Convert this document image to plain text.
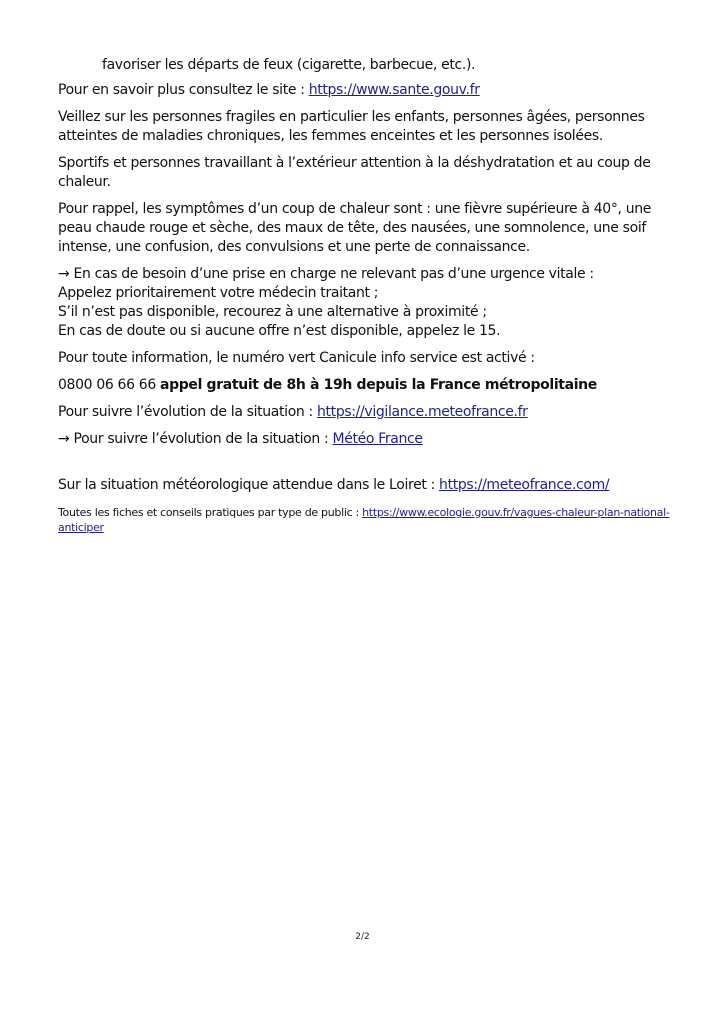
favoriser les départs de feux (cigarette, barbecue, etc.).

Pour en savoir plus consultez le site : https://www.sante.gouv.fr

Veillez sur les personnes fragiles en particulier les enfants, personnes âgées, personnes atteintes de maladies chroniques, les femmes enceintes et les personnes isolées.

Sportifs et personnes travaillant à l’extérieur attention à la déshydratation et au coup de chaleur.

Pour rappel, les symptômes d’un coup de chaleur sont : une fièvre supérieure à 40°, une peau chaude rouge et sèche, des maux de tête, des nausées, une somnolence, une soif intense, une confusion, des convulsions et une perte de connaissance.

→ En cas de besoin d’une prise en charge ne relevant pas d’une urgence vitale :

Appelez prioritairement votre médecin traitant ;

S’il n’est pas disponible, recourez à une alternative à proximité ;

En cas de doute ou si aucune offre n’est disponible, appelez le 15.

Pour toute information, le numéro vert Canicule info service est activé :

0800 06 66 66 appel gratuit de 8h à 19h depuis la France métropolitaine

Pour suivre l’évolution de la situation : https://vigilance.meteofrance.fr

→ Pour suivre l’évolution de la situation : Météo France

Sur la situation météorologique attendue dans le Loiret : https://meteofrance.com/

Toutes les fiches et conseils pratiques par type de public : https://www.ecologie.gouv.fr/vagues-chaleur-plan-national-anticiper

2/2
